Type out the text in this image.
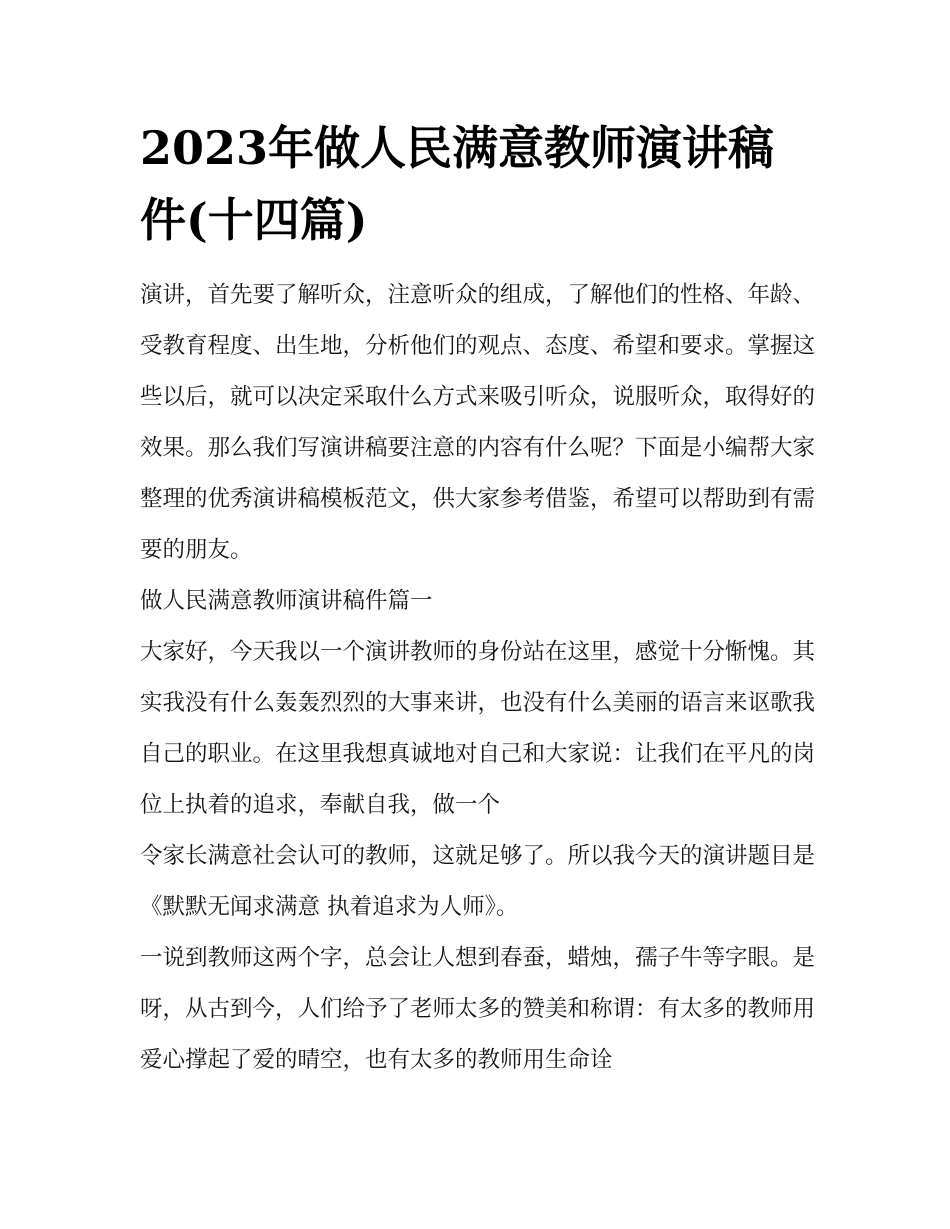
2023年做人民满意教师演讲稿件(十四篇)

演讲，首先要了解听众，注意听众的组成，了解他们的性格、年龄、受教育程度、出生地，分析他们的观点、态度、希望和要求。掌握这些以后，就可以决定采取什么方式来吸引听众，说服听众，取得好的效果。那么我们写演讲稿要注意的内容有什么呢？下面是小编帮大家整理的优秀演讲稿模板范文，供大家参考借鉴，希望可以帮助到有需要的朋友。

做人民满意教师演讲稿件篇一

大家好，今天我以一个演讲教师的身份站在这里，感觉十分惭愧。其实我没有什么轰轰烈烈的大事来讲，也没有什么美丽的语言来讴歌我自己的职业。在这里我想真诚地对自己和大家说：让我们在平凡的岗位上执着的追求，奉献自我，做一个

令家长满意社会认可的教师，这就足够了。所以我今天的演讲题目是《默默无闻求满意 执着追求为人师》。

一说到教师这两个字，总会让人想到春蚕，蜡烛，孺子牛等字眼。是呀，从古到今，人们给予了老师太多的赞美和称谓：有太多的教师用爱心撑起了爱的晴空，也有太多的教师用生命诠
